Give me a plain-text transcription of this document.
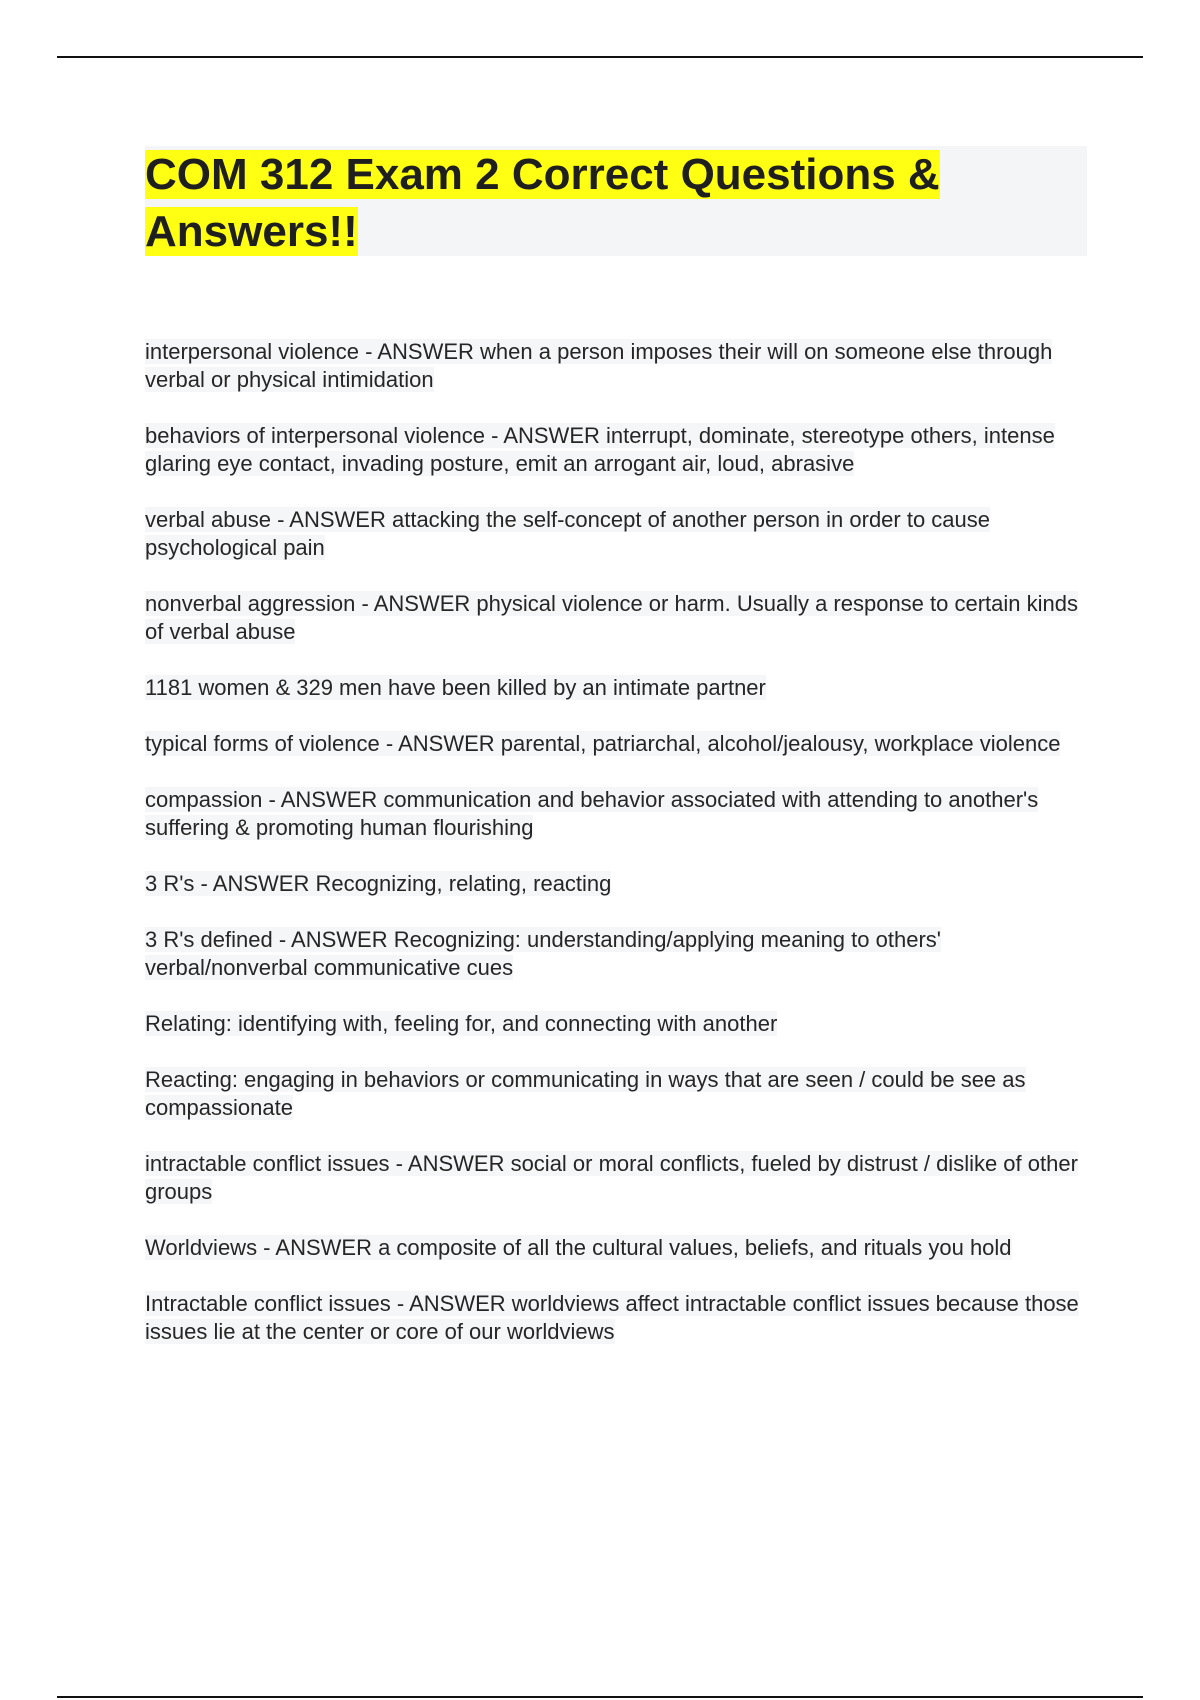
COM 312 Exam 2 Correct Questions & Answers!!
interpersonal violence - ANSWER when a person imposes their will on someone else through verbal or physical intimidation
behaviors of interpersonal violence - ANSWER interrupt, dominate, stereotype others, intense glaring eye contact, invading posture, emit an arrogant air, loud, abrasive
verbal abuse - ANSWER attacking the self-concept of another person in order to cause psychological pain
nonverbal aggression - ANSWER physical violence or harm. Usually a response to certain kinds of verbal abuse
1181 women & 329 men have been killed by an intimate partner
typical forms of violence - ANSWER parental, patriarchal, alcohol/jealousy, workplace violence
compassion - ANSWER communication and behavior associated with attending to another's suffering & promoting human flourishing
3 R's - ANSWER Recognizing, relating, reacting
3 R's defined - ANSWER Recognizing: understanding/applying meaning to others' verbal/nonverbal communicative cues
Relating: identifying with, feeling for, and connecting with another
Reacting: engaging in behaviors or communicating in ways that are seen / could be see as compassionate
intractable conflict issues - ANSWER social or moral conflicts, fueled by distrust / dislike of other groups
Worldviews - ANSWER a composite of all the cultural values, beliefs, and rituals you hold
Intractable conflict issues - ANSWER worldviews affect intractable conflict issues because those issues lie at the center or core of our worldviews
